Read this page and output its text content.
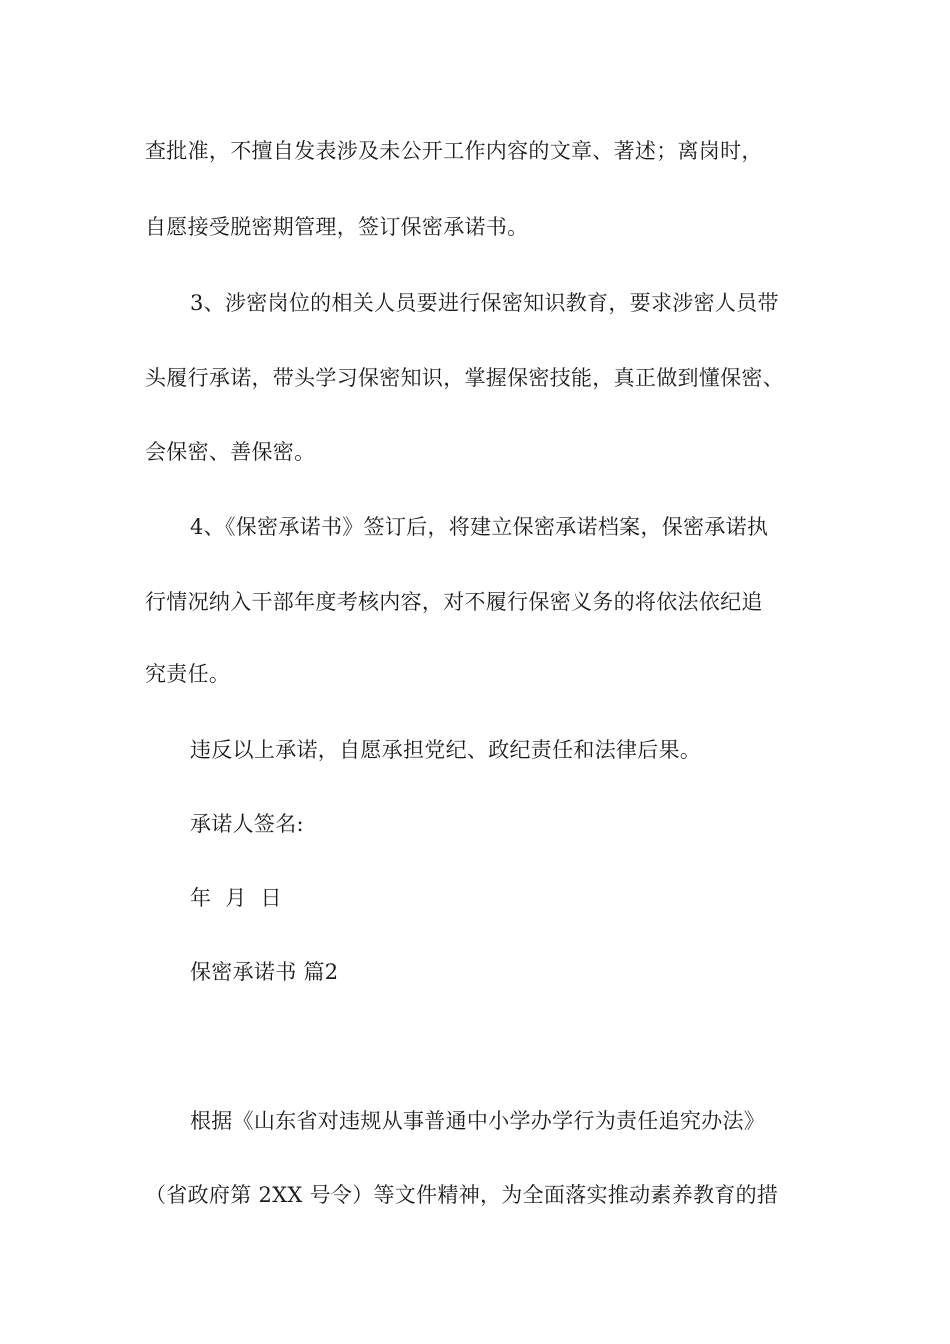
查批准，不擅自发表涉及未公开工作内容的文章、著述；离岗时，
自愿接受脱密期管理，签订保密承诺书。
3、涉密岗位的相关人员要进行保密知识教育，要求涉密人员带
头履行承诺，带头学习保密知识，掌握保密技能，真正做到懂保密、
会保密、善保密。
4、《保密承诺书》签订后，将建立保密承诺档案，保密承诺执
行情况纳入干部年度考核内容，对不履行保密义务的将依法依纪追
究责任。
违反以上承诺，自愿承担党纪、政纪责任和法律后果。
承诺人签名:
年  月  日
保密承诺书 篇2
根据《山东省对违规从事普通中小学办学行为责任追究办法》
（省政府第 2XX 号令）等文件精神，为全面落实推动素养教育的措
